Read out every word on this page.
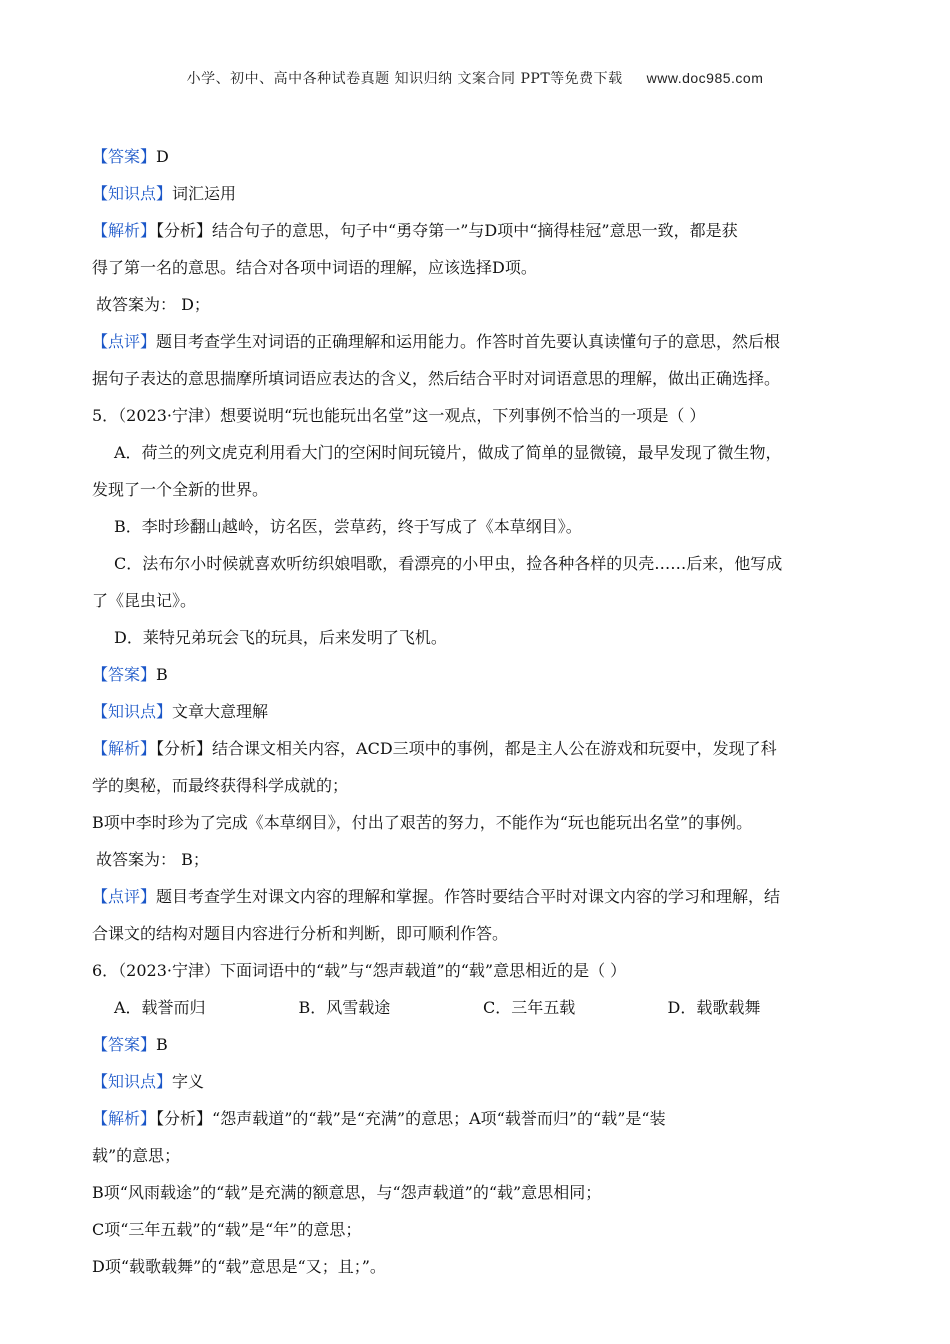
小学、初中、高中各种试卷真题 知识归纳 文案合同 PPT等免费下载 www.doc985.com
【答案】D
【知识点】词汇运用
【解析】【分析】结合句子的意思，句子中“勇夺第一”与D项中“摘得桂冠”意思一致，都是获
得了第一名的意思。结合对各项中词语的理解，应该选择D项。
故答案为： D；
【点评】题目考查学生对词语的正确理解和运用能力。作答时首先要认真读懂句子的意思，然后根
据句子表达的意思揣摩所填词语应表达的含义，然后结合平时对词语意思的理解，做出正确选择。
5．（2023·宁津）想要说明“玩也能玩出名堂”这一观点，下列事例不恰当的一项是（ ）
A．荷兰的列文虎克利用看大门的空闲时间玩镜片，做成了简单的显微镜，最早发现了微生物，
发现了一个全新的世界。
B．李时珍翻山越岭，访名医，尝草药，终于写成了《本草纲目》。
C．法布尔小时候就喜欢听纺织娘唱歌，看漂亮的小甲虫，捡各种各样的贝壳……后来，他写成
了《昆虫记》。
D．莱特兄弟玩会飞的玩具，后来发明了飞机。
【答案】B
【知识点】文章大意理解
【解析】【分析】结合课文相关内容，ACD三项中的事例，都是主人公在游戏和玩耍中，发现了科
学的奥秘，而最终获得科学成就的；
B项中李时珍为了完成《本草纲目》，付出了艰苦的努力，不能作为“玩也能玩出名堂”的事例。
故答案为： B；
【点评】题目考查学生对课文内容的理解和掌握。作答时要结合平时对课文内容的学习和理解，结
合课文的结构对题目内容进行分析和判断，即可顺利作答。
6．（2023·宁津）下面词语中的“载”与“怨声载道”的“载”意思相近的是（ ）
A．载誉而归	B．风雪载途	C．三年五载	D．载歌载舞
【答案】B
【知识点】字义
【解析】【分析】“怨声载道”的“载”是“充满”的意思；A项“载誉而归”的“载”是“装
载”的意思；
B项“风雨载途”的“载”是充满的额意思，与“怨声载道”的“载”意思相同；
C项“三年五载”的“载”是“年”的意思；
D项“载歌载舞”的“载”意思是“又；且；”。
